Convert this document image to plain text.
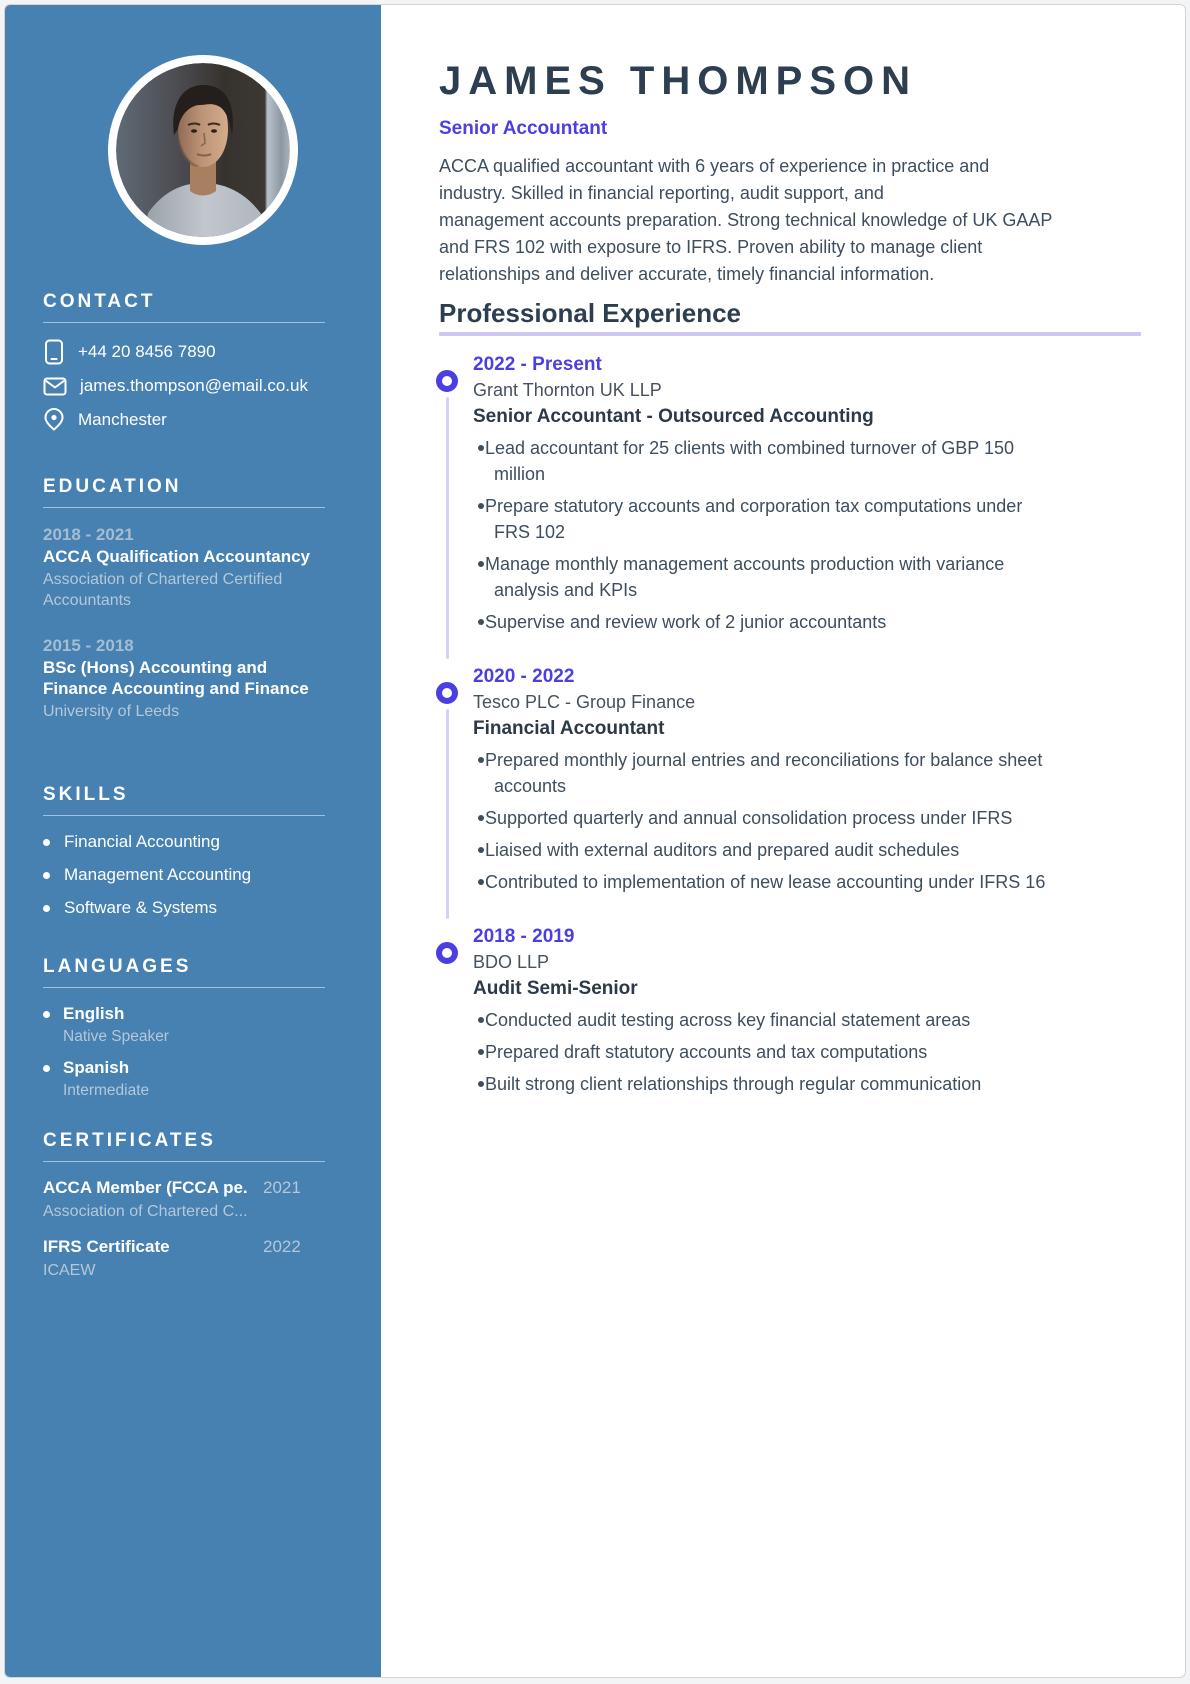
CONTACT
+44 20 8456 7890
james.thompson@email.co.uk
Manchester
EDUCATION
2018 - 2021
ACCA Qualification Accountancy
Association of Chartered Certified Accountants
2015 - 2018
BSc (Hons) Accounting and Finance Accounting and Finance
University of Leeds
SKILLS
Financial Accounting
Management Accounting
Software & Systems
LANGUAGES
English
Native Speaker
Spanish
Intermediate
CERTIFICATES
ACCA Member (FCCA pe. 2021
Association of Chartered C...
IFRS Certificate	2022
ICAEW
JAMES THOMPSON
Senior Accountant
ACCA qualified accountant with 6 years of experience in practice and
industry. Skilled in financial reporting, audit support, and
management accounts preparation. Strong technical knowledge of UK GAAP
and FRS 102 with exposure to IFRS. Proven ability to manage client
relationships and deliver accurate, timely financial information.
Professional Experience
2022 - Present
Grant Thornton UK LLP
Senior Accountant - Outsourced Accounting
Lead accountant for 25 clients with combined turnover of GBP 150 million
Prepare statutory accounts and corporation tax computations under FRS 102
Manage monthly management accounts production with variance analysis and KPIs
Supervise and review work of 2 junior accountants
2020 - 2022
Tesco PLC - Group Finance
Financial Accountant
Prepared monthly journal entries and reconciliations for balance sheet accounts
Supported quarterly and annual consolidation process under IFRS
Liaised with external auditors and prepared audit schedules
Contributed to implementation of new lease accounting under IFRS 16
2018 - 2019
BDO LLP
Audit Semi-Senior
Conducted audit testing across key financial statement areas
Prepared draft statutory accounts and tax computations
Built strong client relationships through regular communication
